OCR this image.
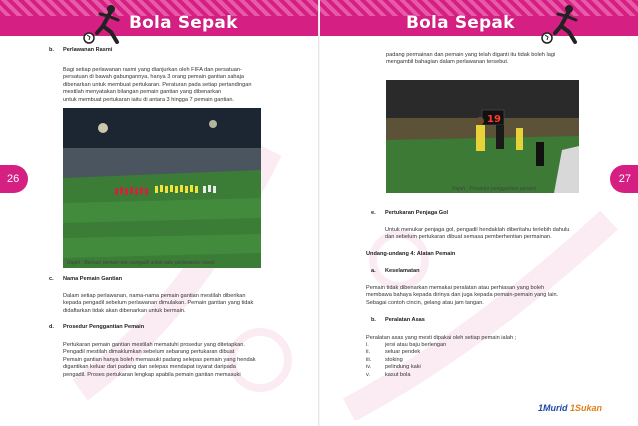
Bola Sepak
26
b. Perlawanan Rasmi
Bagi setiap perlawanan rasmi yang dianjurkan oleh FIFA dan persatuan-
persatuan di bawah gabungannya, hanya 3 orang pemain gantian sahaja
dibenarkan untuk membuat pertukaran. Peraturan pada setiap pertandingan
mestilah menyatakan bilangan pemain gantian yang dibenarkan
untuk membuat pertukaran iaitu di antara 3 hingga 7 pemain gantian.
Rajah : Barisan pemain dan pengadil untuk satu perlawanan rasmi.
c. Nama Pemain Gantian
Dalam setiap perlawanan, nama-nama pemain gantian mestilah diberikan
kepada pengadil sebelum perlawanan dimulakan. Pemain gantian yang tidak
didaftarkan tidak akan dibenarkan untuk bermain.
d. Prosedur Penggantian Pemain
Pertukaran pemain gantian mestilah mematuhi prosedur yang ditetapkan.
Pengadil mestilah dimaklumkan sebelum sebarang pertukaran dibuat
Pemain gantian hanya boleh memasuki padang selepas pemain yang hendak
digantikan keluar dari padang dan selepas mendapat isyarat daripada
pengadil. Proses pertukaran lengkap apabila pemain gantian memasuki
Bola Sepak
27
padang permainan dan pemain yang telah diganti itu tidak boleh lagi
mengambil bahagian dalam perlawanan tersebut.
19
Rajah : Prosedur penggantian pemain.
e. Pertukaran Penjaga Gol
Untuk menukar penjaga gol, pengadil hendaklah diberitahu terlebih dahulu
dan sebelum pertukaran dibuat semasa pemberhentian permainan.
Undang-undang 4: Alatan Pemain
a. Keselamatan
Pemain tidak dibenarkan memakai peralatan atau perhiasan yang boleh
membawa bahaya kepada dirinya dan juga kepada pemain-pemain yang lain.
Sebagai contoh cincin, gelang atau jam tangan.
b. Peralatan Asas
Peralatan asas yang mesti dipakai oleh setiap pemain ialah ;
i.	jersi atau baju berlengan
ii.	seluar pendek
iii.	stoking
iv.	pelindung kaki
v.	kasut bola
1Murid 1Sukan
